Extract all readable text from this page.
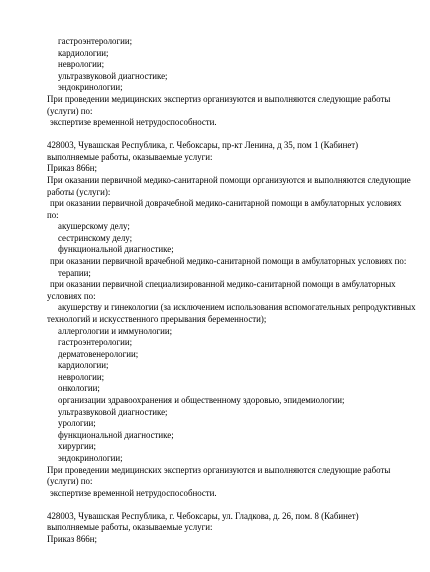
гастроэнтерологии;
кардиологии;
неврологии;
ультразвуковой диагностике;
эндокринологии;
При проведении медицинских экспертиз организуются и выполняются следующие работы
(услуги) по:
экспертизе временной нетрудоспособности.
428003, Чувашская Республика, г. Чебоксары, пр-кт Ленина, д 35, пом 1 (Кабинет)
выполняемые работы, оказываемые услуги:
Приказ 866н;
При оказании первичной медико-санитарной помощи организуются и выполняются следующие
работы (услуги):
при оказании первичной доврачебной медико-санитарной помощи в амбулаторных условиях
по:
акушерскому делу;
сестринскому делу;
функциональной диагностике;
при оказании первичной врачебной медико-санитарной помощи в амбулаторных условиях по:
терапии;
при оказании первичной специализированной медико-санитарной помощи в амбулаторных
условиях по:
акушерству и гинекологии (за исключением использования вспомогательных репродуктивных
технологий и искусственного прерывания беременности);
аллергологии и иммунологии;
гастроэнтерологии;
дерматовенерологии;
кардиологии;
неврологии;
онкологии;
организации здравоохранения и общественному здоровью, эпидемиологии;
ультразвуковой диагностике;
урологии;
функциональной диагностике;
хирургии;
эндокринологии;
При проведении медицинских экспертиз организуются и выполняются следующие работы
(услуги) по:
экспертизе временной нетрудоспособности.
428003, Чувашская Республика, г. Чебоксары, ул. Гладкова, д. 26, пом. 8 (Кабинет)
выполняемые работы, оказываемые услуги:
Приказ 866н;
